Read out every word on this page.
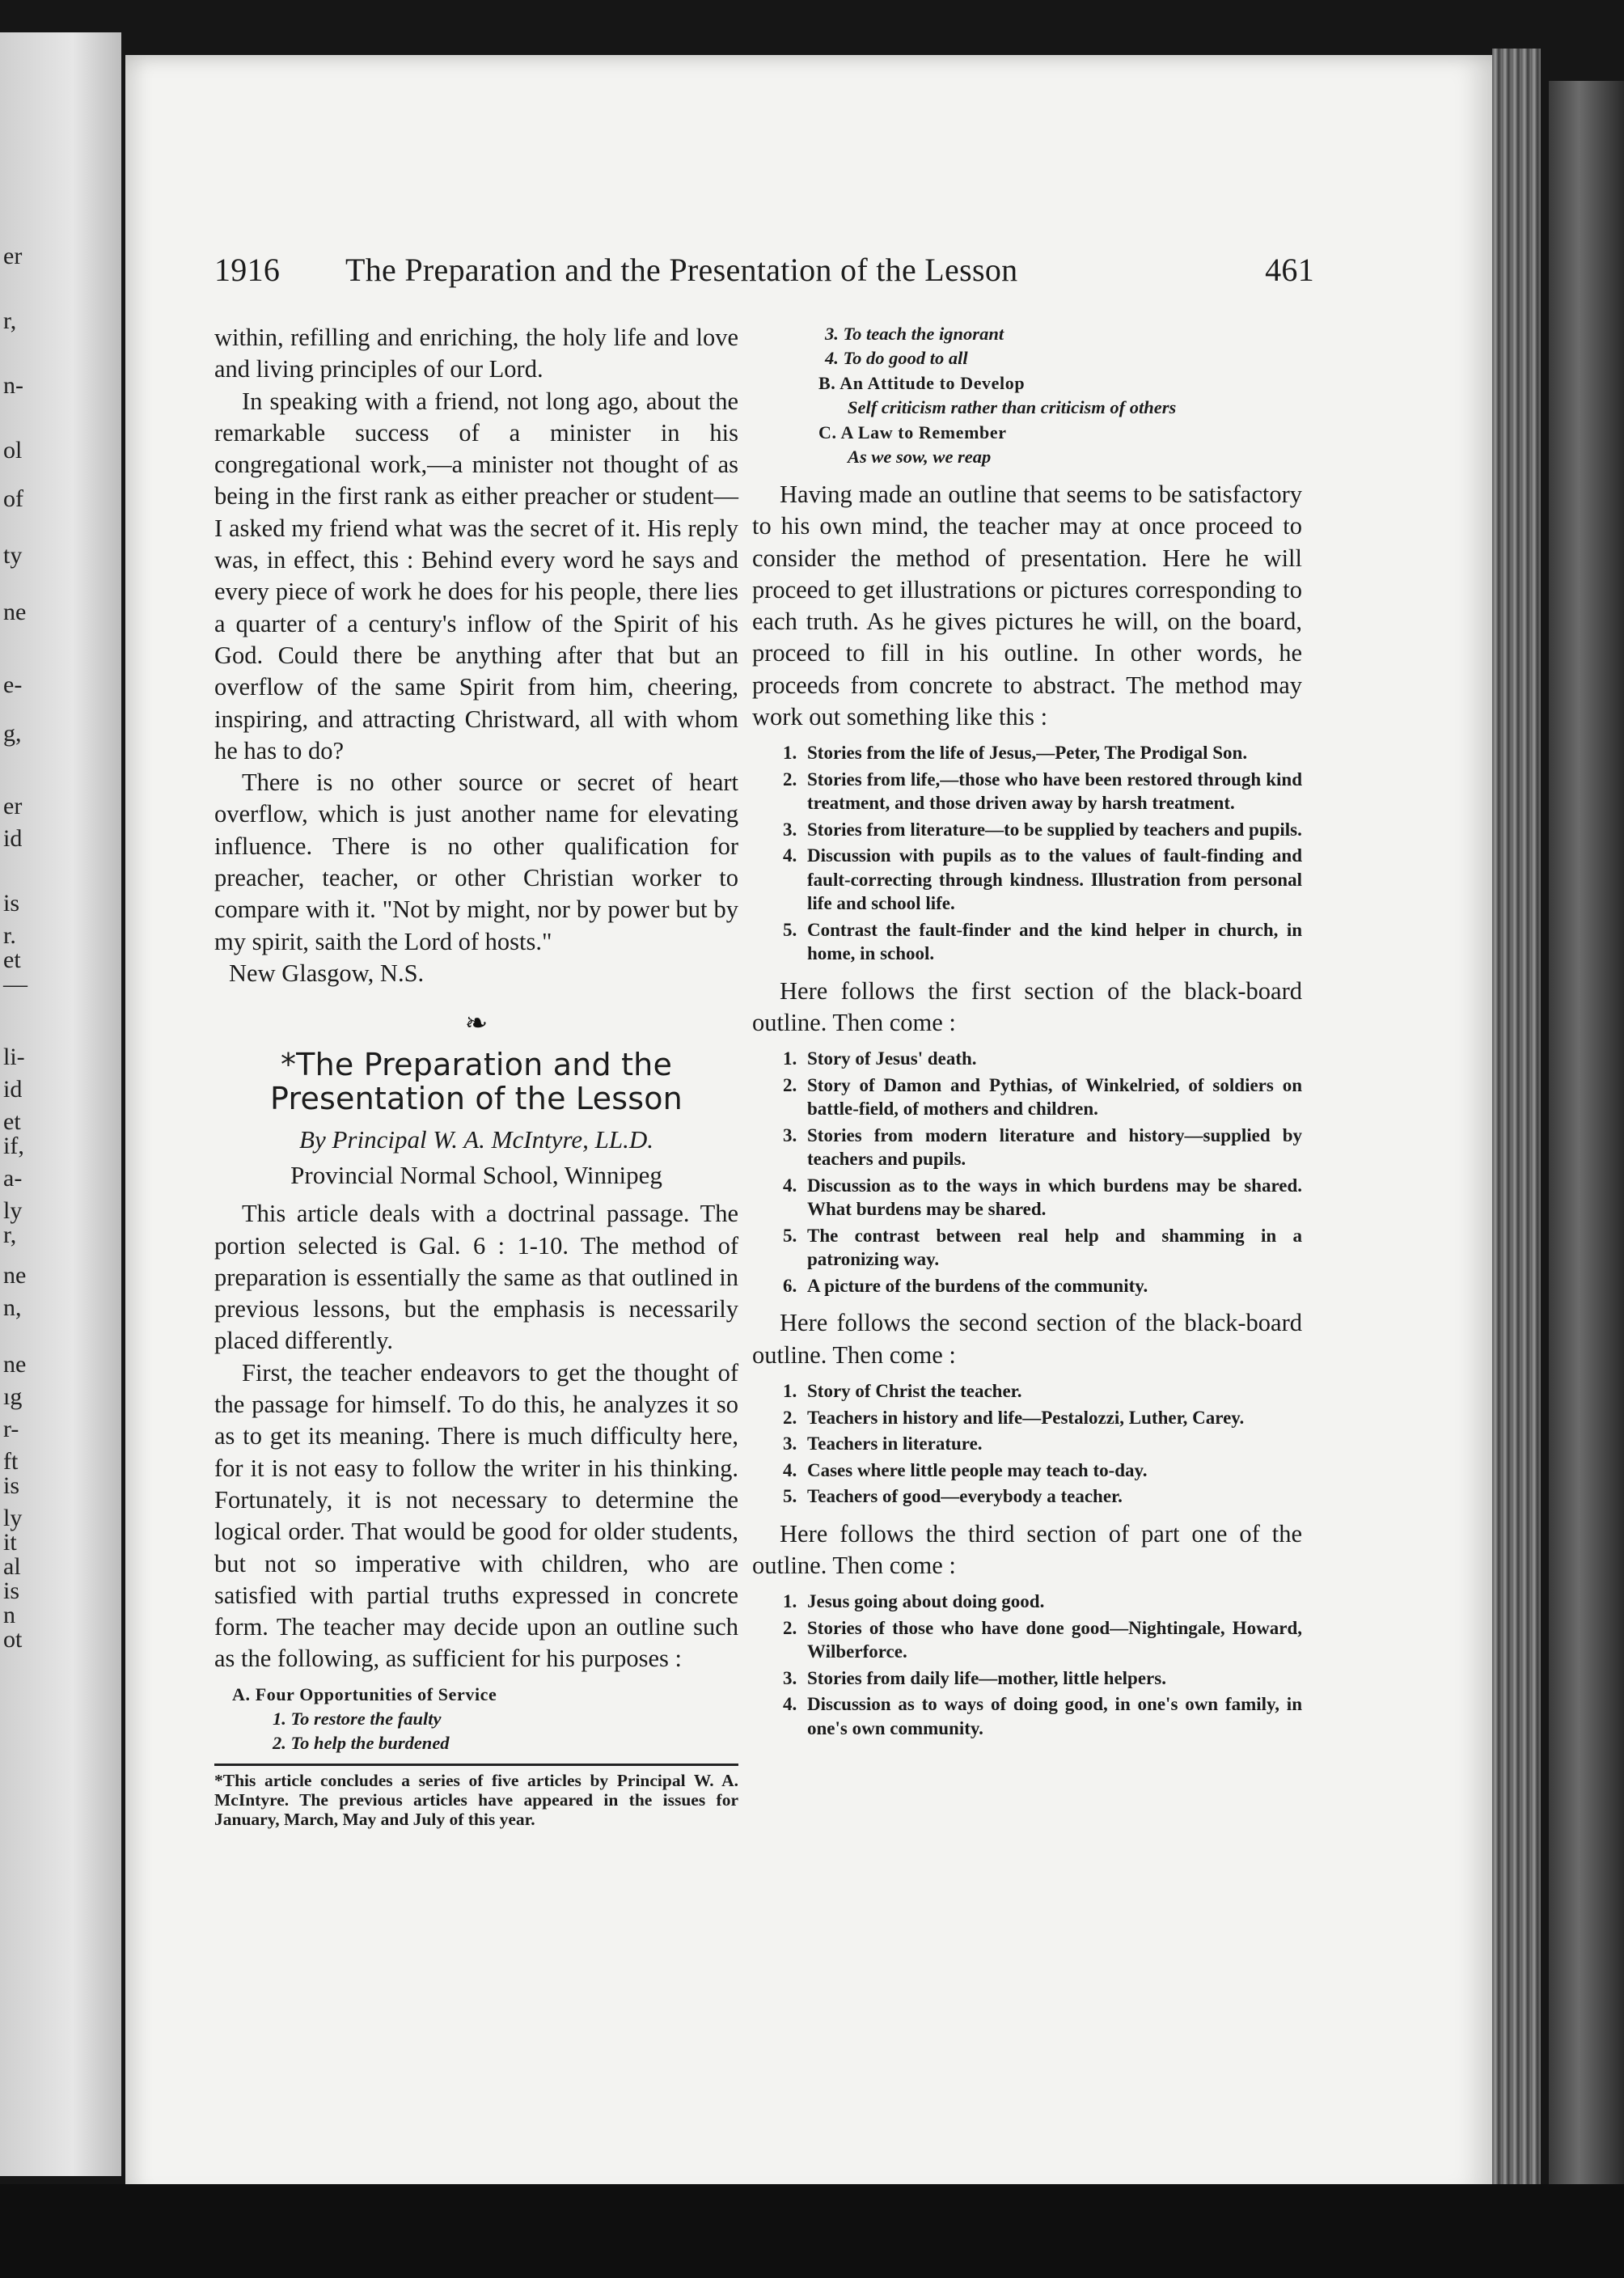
er
r,
n-
ol
of
ty
ne
e-
g,
er
id
is
r.
et
—
li-
id
et
if,
a-
ly
r,
ne
n,
ne
ıg
r-
ft
is
ly
it
al
is
n
ot
1916 The Preparation and the Presentation of the Lesson	461

within, refilling and enriching, the holy life and love and living principles of our Lord.

In speaking with a friend, not long ago, about the remarkable success of a minister in his congregational work,—a minister not thought of as being in the first rank as either preacher or student—I asked my friend what was the secret of it. His reply was, in effect, this : Behind every word he says and every piece of work he does for his people, there lies a quarter of a century's inflow of the Spirit of his God. Could there be anything after that but an overflow of the same Spirit from him, cheering, inspiring, and attracting Christward, all with whom he has to do?

There is no other source or secret of heart overflow, which is just another name for elevating influence. There is no other qualification for preacher, teacher, or other Christian worker to compare with it. "Not by might, nor by power but by my spirit, saith the Lord of hosts."

New Glasgow, N.S.

❧
*The Preparation and the Presentation of the Lesson
By Principal W. A. McIntyre, LL.D.
Provincial Normal School, Winnipeg

This article deals with a doctrinal passage. The portion selected is Gal. 6 : 1-10. The method of preparation is essentially the same as that outlined in previous lessons, but the emphasis is necessarily placed differently.

First, the teacher endeavors to get the thought of the passage for himself. To do this, he analyzes it so as to get its meaning. There is much difficulty here, for it is not easy to follow the writer in his thinking. Fortunately, it is not necessary to determine the logical order. That would be good for older students, but not so imperative with children, who are satisfied with partial truths expressed in concrete form. The teacher may decide upon an outline such as the following, as sufficient for his purposes :

A. Four Opportunities of Service
1. To restore the faulty
2. To help the burdened
*This article concludes a series of five articles by Principal W. A. McIntyre. The previous articles have appeared in the issues for January, March, May and July of this year.
3. To teach the ignorant
4. To do good to all
B. An Attitude to Develop
Self criticism rather than criticism of others
C. A Law to Remember
As we sow, we reap

Having made an outline that seems to be satisfactory to his own mind, the teacher may at once proceed to consider the method of presentation. Here he will proceed to get illustrations or pictures corresponding to each truth. As he gives pictures he will, on the board, proceed to fill in his outline. In other words, he proceeds from concrete to abstract. The method may work out something like this :

1. Stories from the life of Jesus,—Peter, The Prodigal Son.
2. Stories from life,—those who have been restored through kind treatment, and those driven away by harsh treatment.
3. Stories from literature—to be supplied by teachers and pupils.
4. Discussion with pupils as to the values of fault-finding and fault-correcting through kindness. Illustration from personal life and school life.
5. Contrast the fault-finder and the kind helper in church, in home, in school.

Here follows the first section of the black-board outline. Then come :

1. Story of Jesus' death.
2. Story of Damon and Pythias, of Winkelried, of soldiers on battle-field, of mothers and children.
3. Stories from modern literature and history—supplied by teachers and pupils.
4. Discussion as to the ways in which burdens may be shared. What burdens may be shared.
5. The contrast between real help and shamming in a patronizing way.
6. A picture of the burdens of the community.

Here follows the second section of the black-board outline. Then come :

1. Story of Christ the teacher.
2. Teachers in history and life—Pestalozzi, Luther, Carey.
3. Teachers in literature.
4. Cases where little people may teach to-day.
5. Teachers of good—everybody a teacher.

Here follows the third section of part one of the outline. Then come :

1. Jesus going about doing good.
2. Stories of those who have done good—Nightingale, Howard, Wilberforce.
3. Stories from daily life—mother, little helpers.
4. Discussion as to ways of doing good, in one's own family, in one's own community.
